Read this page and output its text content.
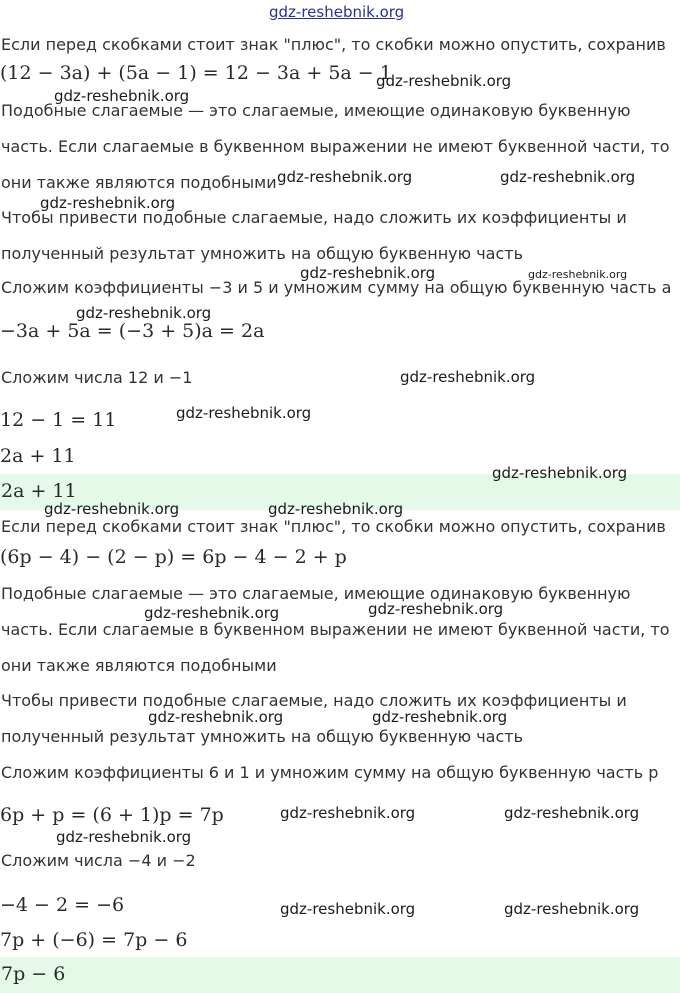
Если перед скобками стоит знак "плюс", то скобки можно опустить, сохранив
(12 − 3a) + (5a − 1) = 12 − 3a + 5a − 1
Подобные слагаемые — это слагаемые, имеющие одинаковую буквенную
часть. Если слагаемые в буквенном выражении не имеют буквенной части, то
они также являются подобными
Чтобы привести подобные слагаемые, надо сложить их коэффициенты и
полученный результат умножить на общую буквенную часть
Сложим коэффициенты −3 и 5 и умножим сумму на общую буквенную часть a
−3a + 5a = (−3 + 5)a = 2a
Сложим числа 12 и −1
12 − 1 = 11
2a + 11
2a + 11
Если перед скобками стоит знак "плюс", то скобки можно опустить, сохранив
(6p − 4) − (2 − p) = 6p − 4 − 2 + p
Подобные слагаемые — это слагаемые, имеющие одинаковую буквенную
часть. Если слагаемые в буквенном выражении не имеют буквенной части, то
они также являются подобными
Чтобы привести подобные слагаемые, надо сложить их коэффициенты и
полученный результат умножить на общую буквенную часть
Сложим коэффициенты 6 и 1 и умножим сумму на общую буквенную часть p
6p + p = (6 + 1)p = 7p
Сложим числа −4 и −2
−4 − 2 = −6
7p + (−6) = 7p − 6
7p − 6
gdz-reshebnik.org
gdz-reshebnik.org
gdz-reshebnik.org
gdz-reshebnik.org	gdz-reshebnik.org
gdz-reshebnik.org
gdz-reshebnik.org	gdz-reshebnik.org
gdz-reshebnik.org
gdz-reshebnik.org
gdz-reshebnik.org
gdz-reshebnik.org
gdz-reshebnik.org	gdz-reshebnik.org
gdz-reshebnik.org
gdz-reshebnik.org
gdz-reshebnik.org	gdz-reshebnik.org
gdz-reshebnik.org	gdz-reshebnik.org
gdz-reshebnik.org
gdz-reshebnik.org	gdz-reshebnik.org
